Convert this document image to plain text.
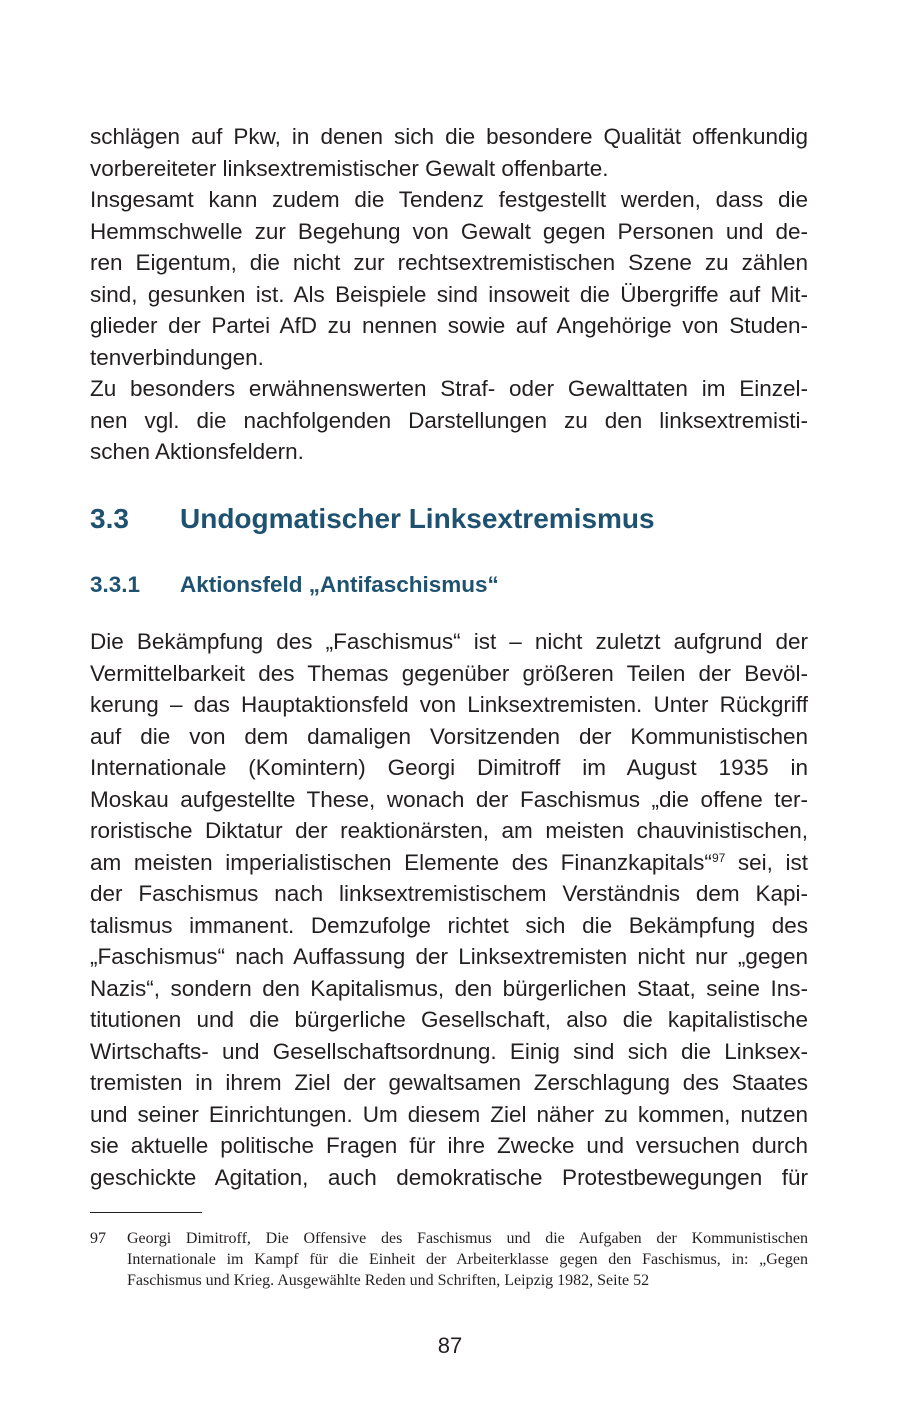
schlägen auf Pkw, in denen sich die besondere Qualität offenkundig
vorbereiteter linksextremistischer Gewalt offenbarte.
Insgesamt kann zudem die Tendenz festgestellt werden, dass die
Hemmschwelle zur Begehung von Gewalt gegen Personen und de-
ren Eigentum, die nicht zur rechtsextremistischen Szene zu zählen
sind, gesunken ist. Als Beispiele sind insoweit die Übergriffe auf Mit-
glieder der Partei AfD zu nennen sowie auf Angehörige von Studen-
tenverbindungen.
Zu besonders erwähnenswerten Straf- oder Gewalttaten im Einzel-
nen vgl. die nachfolgenden Darstellungen zu den linksextremisti-
schen Aktionsfeldern.
3.3 Undogmatischer Linksextremismus
3.3.1 Aktionsfeld „Antifaschismus“
Die Bekämpfung des „Faschismus“ ist – nicht zuletzt aufgrund der
Vermittelbarkeit des Themas gegenüber größeren Teilen der Bevöl-
kerung – das Hauptaktionsfeld von Linksextremisten. Unter Rückgriff
auf die von dem damaligen Vorsitzenden der Kommunistischen
Internationale (Komintern) Georgi Dimitroff im August 1935 in
Moskau aufgestellte These, wonach der Faschismus „die offene ter-
roristische Diktatur der reaktionärsten, am meisten chauvinistischen,
am meisten imperialistischen Elemente des Finanzkapitals“$^{97}$ sei, ist
der Faschismus nach linksextremistischem Verständnis dem Kapi-
talismus immanent. Demzufolge richtet sich die Bekämpfung des
„Faschismus“ nach Auffassung der Linksextremisten nicht nur „gegen
Nazis“, sondern den Kapitalismus, den bürgerlichen Staat, seine Ins-
titutionen und die bürgerliche Gesellschaft, also die kapitalistische
Wirtschafts- und Gesellschaftsordnung. Einig sind sich die Linksex-
tremisten in ihrem Ziel der gewaltsamen Zerschlagung des Staates
und seiner Einrichtungen. Um diesem Ziel näher zu kommen, nutzen
sie aktuelle politische Fragen für ihre Zwecke und versuchen durch
geschickte Agitation, auch demokratische Protestbewegungen für
97 Georgi Dimitroff, Die Offensive des Faschismus und die Aufgaben der Kommunistischen
Internationale im Kampf für die Einheit der Arbeiterklasse gegen den Faschismus, in: „Gegen
Faschismus und Krieg. Ausgewählte Reden und Schriften, Leipzig 1982, Seite 52
87
